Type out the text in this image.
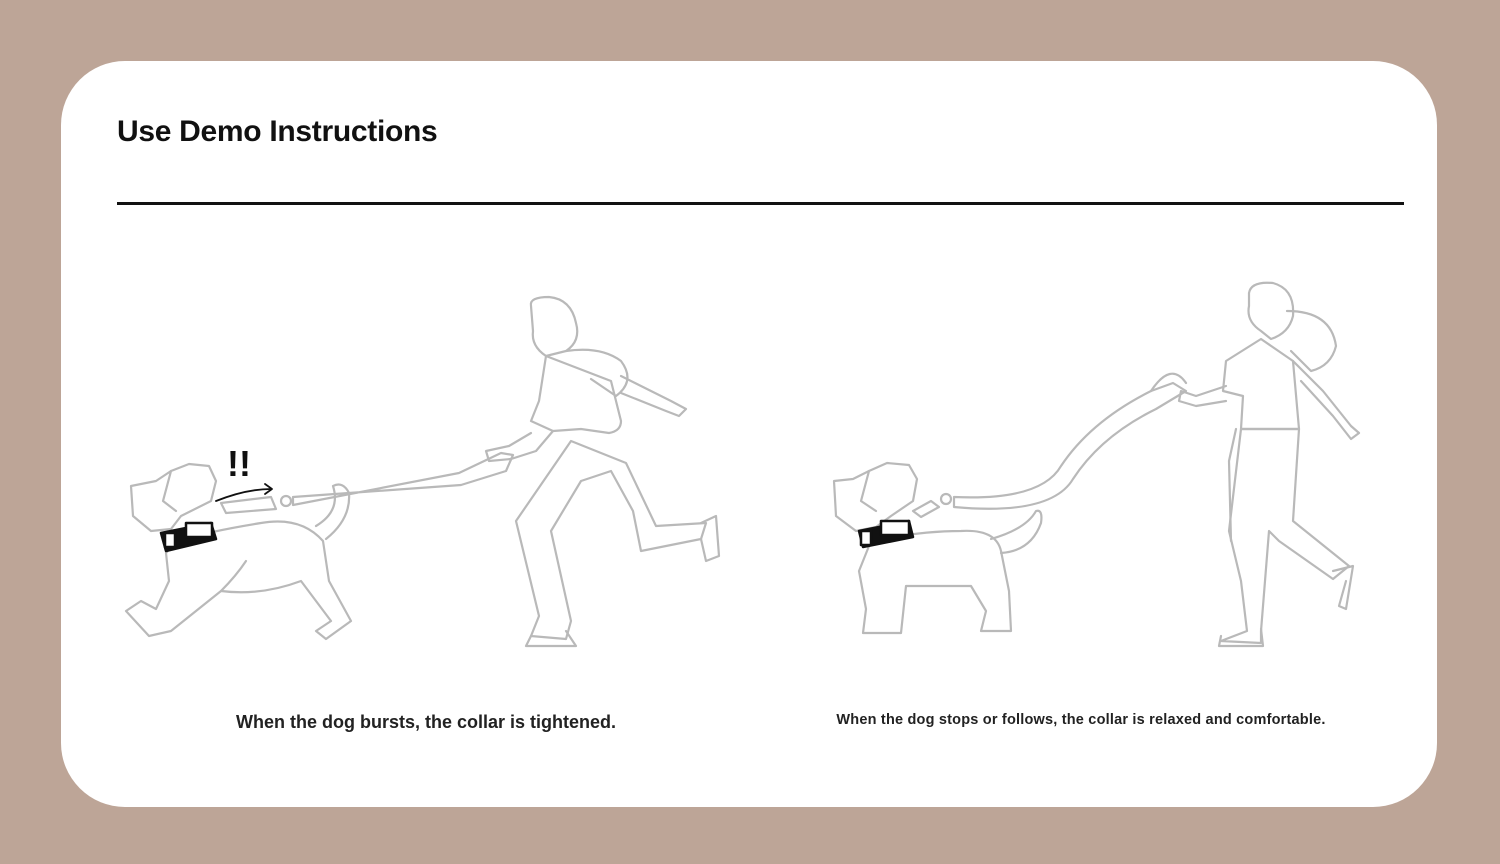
Use Demo Instructions
!!

When the dog bursts, the collar is tightened.	When the dog stops or follows, the collar is relaxed and comfortable.
